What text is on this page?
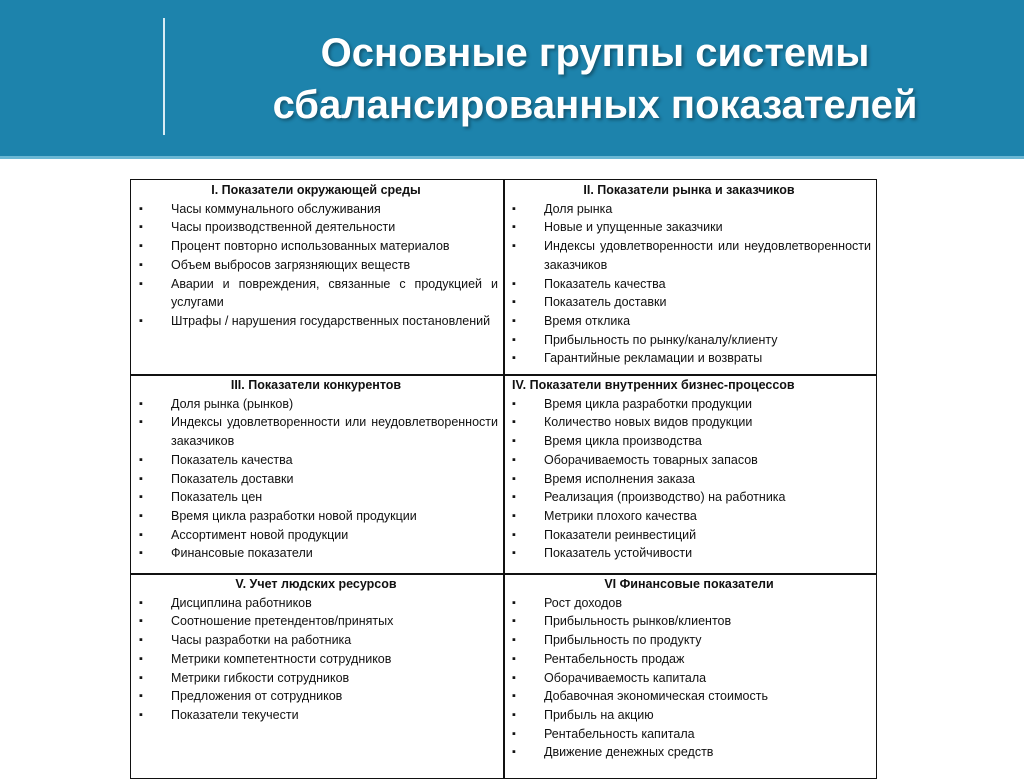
Основные группы системы
сбалансированных показателей
I. Показатели окружающей среды
▪ Часы коммунального обслуживания
▪ Часы производственной деятельности
▪ Процент повторно использованных материалов
▪ Объем выбросов загрязняющих веществ
▪ Аварии и повреждения, связанные с продукцией и услугами
▪ Штрафы / нарушения государственных постановлений
II. Показатели рынка и заказчиков
▪ Доля рынка
▪ Новые и упущенные заказчики
▪ Индексы удовлетворенности или неудовлетворенности заказчиков
▪ Показатель качества
▪ Показатель доставки
▪ Время отклика
▪ Прибыльность по рынку/каналу/клиенту
▪ Гарантийные рекламации и возвраты
III. Показатели конкурентов
▪ Доля рынка (рынков)
▪ Индексы удовлетворенности или неудовлетворенности заказчиков
▪ Показатель качества
▪ Показатель доставки
▪ Показатель цен
▪ Время цикла разработки новой продукции
▪ Ассортимент новой продукции
▪ Финансовые показатели
IV. Показатели внутренних бизнес-процессов
▪ Время цикла разработки продукции
▪ Количество новых видов продукции
▪ Время цикла производства
▪ Оборачиваемость товарных запасов
▪ Время исполнения заказа
▪ Реализация (производство) на работника
▪ Метрики плохого качества
▪ Показатели реинвестиций
▪ Показатель устойчивости
V. Учет людских ресурсов
▪ Дисциплина работников
▪ Соотношение претендентов/принятых
▪ Часы разработки на работника
▪ Метрики компетентности сотрудников
▪ Метрики гибкости сотрудников
▪ Предложения от сотрудников
▪ Показатели текучести
VI Финансовые показатели
▪ Рост доходов
▪ Прибыльность рынков/клиентов
▪ Прибыльность по продукту
▪ Рентабельность продаж
▪ Оборачиваемость капитала
▪ Добавочная экономическая стоимость
▪ Прибыль на акцию
▪ Рентабельность капитала
▪ Движение денежных средств
